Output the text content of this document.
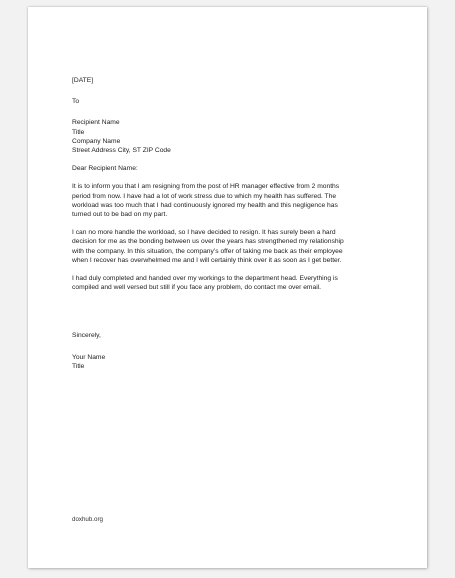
[DATE]
To
Recipient Name
Title
Company Name
Street Address City, ST ZIP Code
Dear Recipient Name:

It is to inform you that I am resigning from the post of HR manager effective from 2 months
period from now. I have had a lot of work stress due to which my health has suffered. The
workload was too much that I had continuously ignored my health and this negligence has
turned out to be bad on my part.

I can no more handle the workload, so I have decided to resign. It has surely been a hard
decision for me as the bonding between us over the years has strengthened my relationship
with the company. In this situation, the company’s offer of taking me back as their employee
when I recover has overwhelmed me and I will certainly think over it as soon as I get better.

I had duly completed and handed over my workings to the department head. Everything is
compiled and well versed but still if you face any problem, do contact me over email.

Sincerely,
Your Name
Title
doxhub.org
